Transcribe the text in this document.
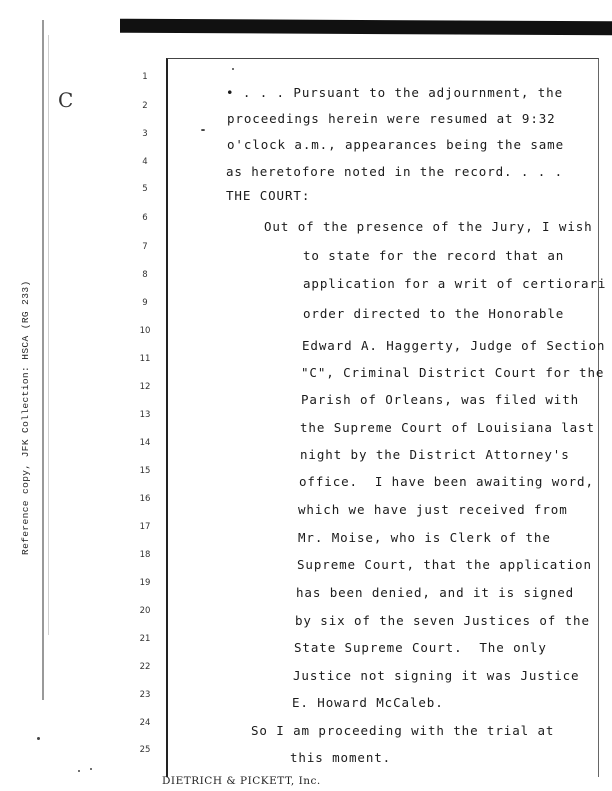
Reference copy, JFK Collection: HSCA (RG 233)
C
1
2
3
4
5
6
7
8
9
10
11
12
13
14
15
16
17
18
19
20
21
22
23
24
25
• . . . Pursuant to the adjournment, the
proceedings herein were resumed at 9:32
o'clock a.m., appearances being the same
as heretofore noted in the record. . . .
THE COURT:
Out of the presence of the Jury, I wish
to state for the record that an
application for a writ of certiorari
order directed to the Honorable
Edward A. Haggerty, Judge of Section
"C", Criminal District Court for the
Parish of Orleans, was filed with
the Supreme Court of Louisiana last
night by the District Attorney's
office.  I have been awaiting word,
which we have just received from
Mr. Moise, who is Clerk of the
Supreme Court, that the application
has been denied, and it is signed
by six of the seven Justices of the
State Supreme Court.  The only
Justice not signing it was Justice
E. Howard McCaleb.
So I am proceeding with the trial at
this moment.
DIETRICH & PICKETT, Inc.
